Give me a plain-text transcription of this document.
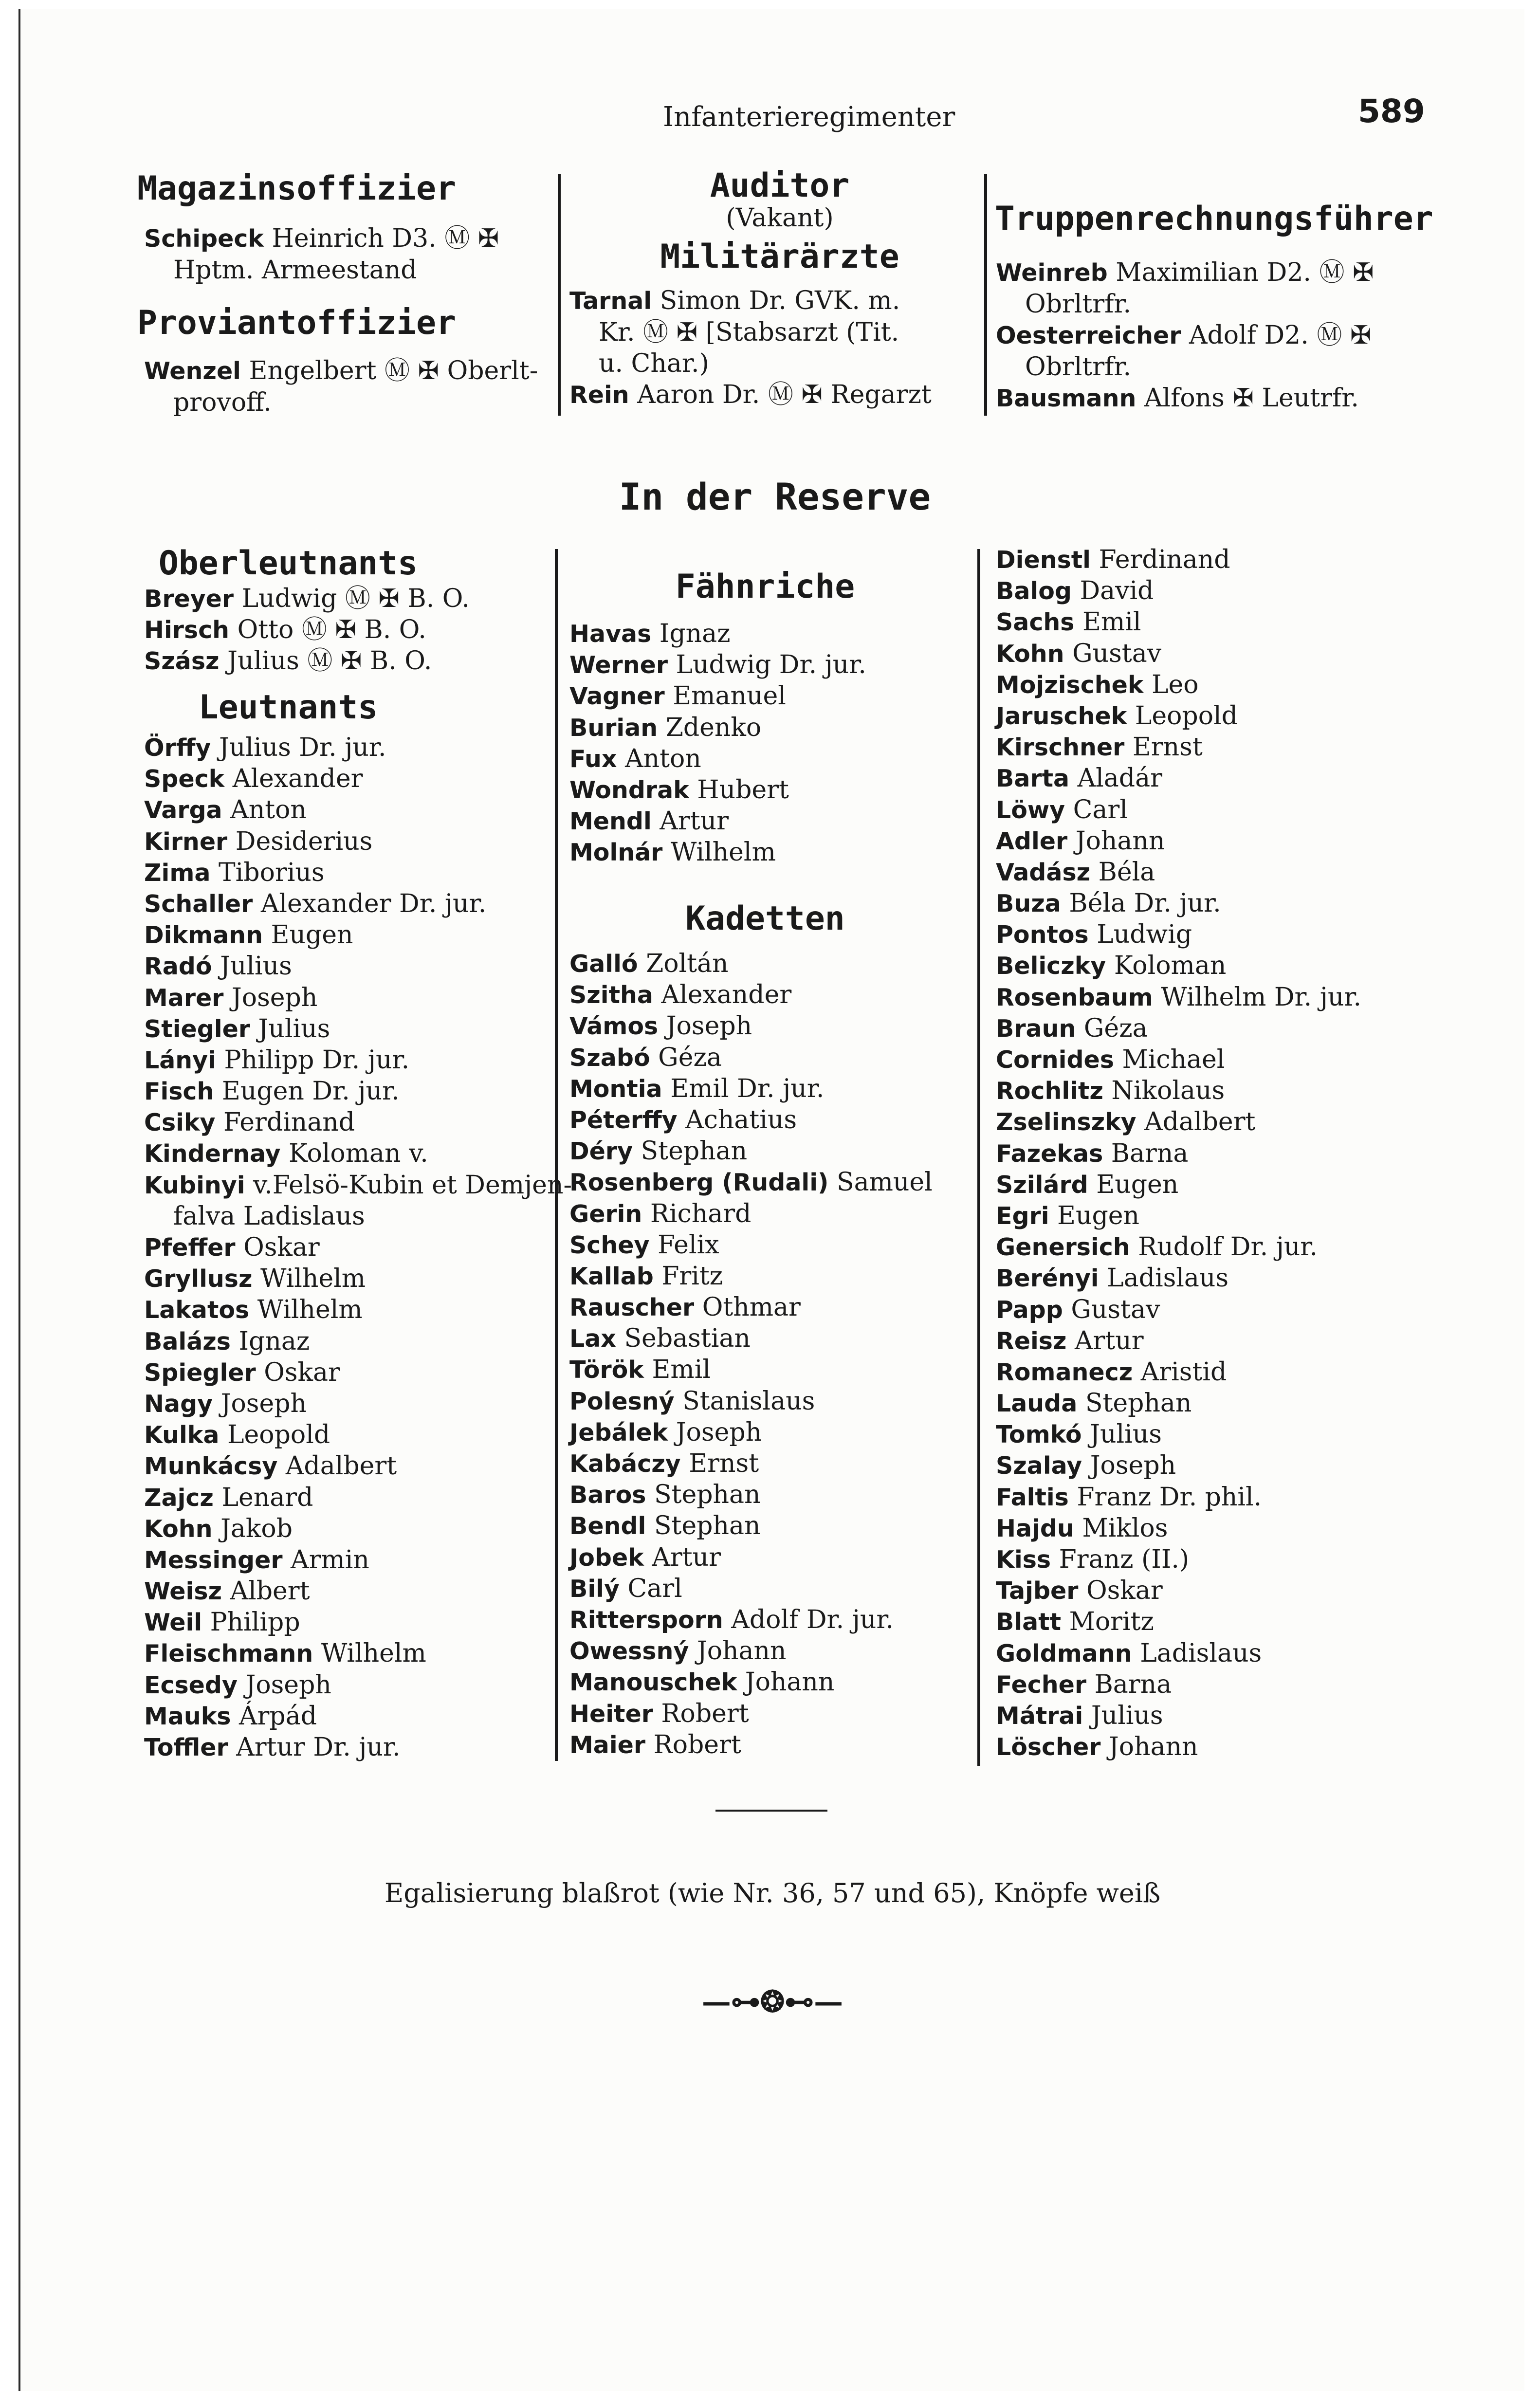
Infanterieregimenter	589
Magazinsoffizier
Schipeck Heinrich D3. Ⓜ ✠
Hptm. Armeestand
Proviantoffizier
Wenzel Engelbert Ⓜ ✠ Oberlt-
provoff.
Auditor
(Vakant)
Militärärzte
Tarnal Simon Dr. GVK. m.
Kr. Ⓜ ✠ [Stabsarzt (Tit.
u. Char.)
Rein Aaron Dr. Ⓜ ✠ Regarzt
Truppenrechnungsführer
Weinreb Maximilian D2. Ⓜ ✠
Obrltrfr.
Oesterreicher Adolf D2. Ⓜ ✠
Obrltrfr.
Bausmann Alfons ✠ Leutrfr.
In der Reserve
Oberleutnants
Breyer Ludwig Ⓜ ✠ B. O.
Hirsch Otto Ⓜ ✠ B. O.
Szász Julius Ⓜ ✠ B. O.
Leutnants
Örffy Julius Dr. jur.
Speck Alexander
Varga Anton
Kirner Desiderius
Zima Tiborius
Schaller Alexander Dr. jur.
Dikmann Eugen
Radó Julius
Marer Joseph
Stiegler Julius
Lányi Philipp Dr. jur.
Fisch Eugen Dr. jur.
Csiky Ferdinand
Kindernay Koloman v.
Kubinyi v.Felsö-Kubin et Demjen-
falva Ladislaus
Pfeffer Oskar
Gryllusz Wilhelm
Lakatos Wilhelm
Balázs Ignaz
Spiegler Oskar
Nagy Joseph
Kulka Leopold
Munkácsy Adalbert
Zajcz Lenard
Kohn Jakob
Messinger Armin
Weisz Albert
Weil Philipp
Fleischmann Wilhelm
Ecsedy Joseph
Mauks Árpád
Toffler Artur Dr. jur.
Fähnriche
Havas Ignaz
Werner Ludwig Dr. jur.
Vagner Emanuel
Burian Zdenko
Fux Anton
Wondrak Hubert
Mendl Artur
Molnár Wilhelm
Kadetten
Galló Zoltán
Szitha Alexander
Vámos Joseph
Szabó Géza
Montia Emil Dr. jur.
Péterffy Achatius
Déry Stephan
Rosenberg (Rudali) Samuel
Gerin Richard
Schey Felix
Kallab Fritz
Rauscher Othmar
Lax Sebastian
Török Emil
Polesný Stanislaus
Jebálek Joseph
Kabáczy Ernst
Baros Stephan
Bendl Stephan
Jobek Artur
Bilý Carl
Rittersporn Adolf Dr. jur.
Owessný Johann
Manouschek Johann
Heiter Robert
Maier Robert
Dienstl Ferdinand
Balog David
Sachs Emil
Kohn Gustav
Mojzischek Leo
Jaruschek Leopold
Kirschner Ernst
Barta Aladár
Löwy Carl
Adler Johann
Vadász Béla
Buza Béla Dr. jur.
Pontos Ludwig
Beliczky Koloman
Rosenbaum Wilhelm Dr. jur.
Braun Géza
Cornides Michael
Rochlitz Nikolaus
Zselinszky Adalbert
Fazekas Barna
Szilárd Eugen
Egri Eugen
Genersich Rudolf Dr. jur.
Berényi Ladislaus
Papp Gustav
Reisz Artur
Romanecz Aristid
Lauda Stephan
Tomkó Julius
Szalay Joseph
Faltis Franz Dr. phil.
Hajdu Miklos
Kiss Franz (II.)
Tajber Oskar
Blatt Moritz
Goldmann Ladislaus
Fecher Barna
Mátrai Julius
Löscher Johann
Egalisierung blaßrot (wie Nr. 36, 57 und 65), Knöpfe weiß
—⊶❂⊷—
